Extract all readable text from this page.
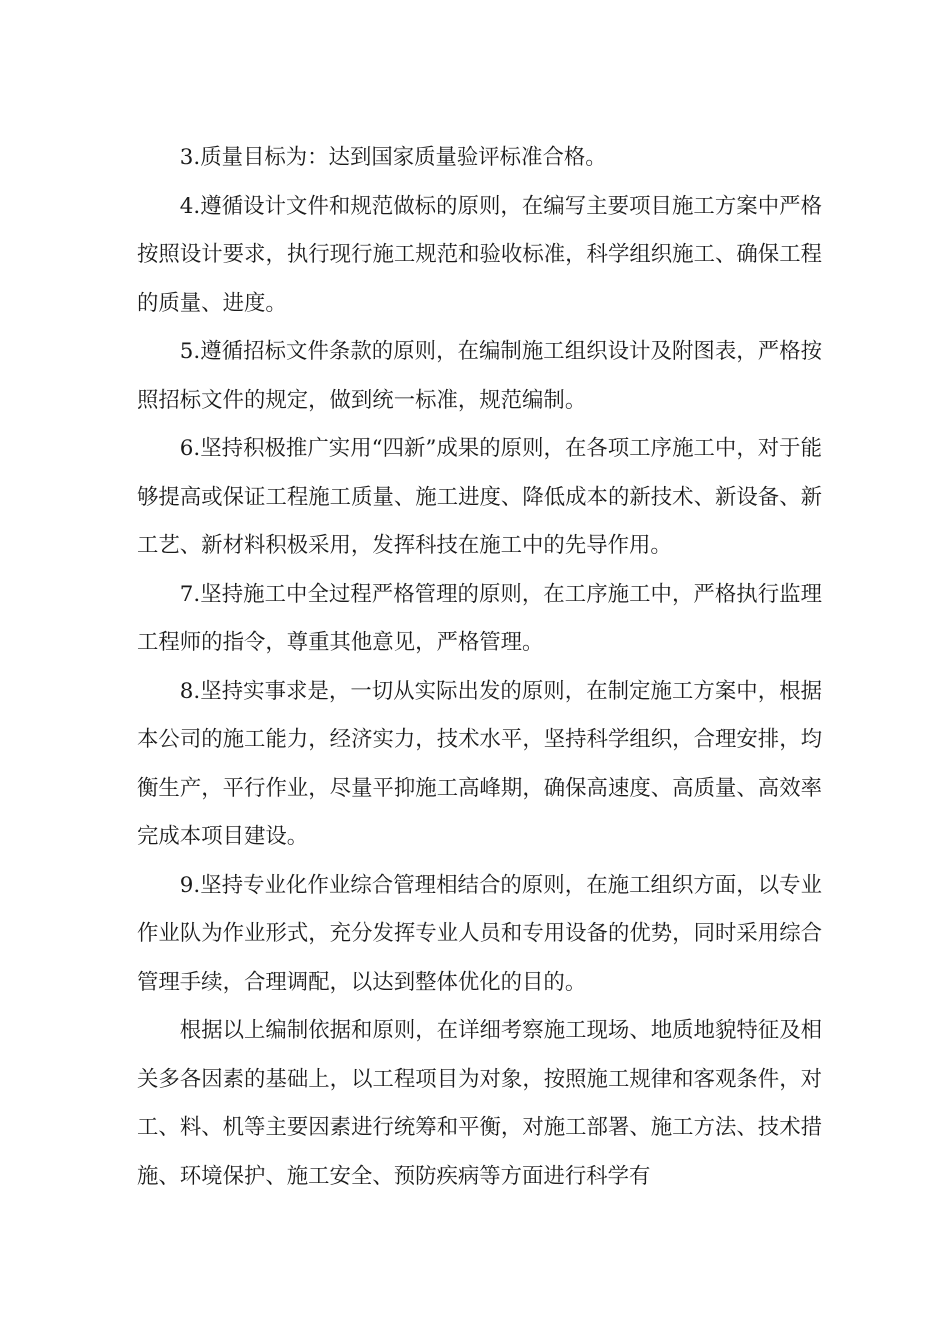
3.质量目标为：达到国家质量验评标准合格。

4.遵循设计文件和规范做标的原则，在编写主要项目施工方案中严格按照设计要求，执行现行施工规范和验收标准，科学组织施工、确保工程的质量、进度。

5.遵循招标文件条款的原则，在编制施工组织设计及附图表，严格按照招标文件的规定，做到统一标准，规范编制。

6.坚持积极推广实用“四新”成果的原则，在各项工序施工中，对于能够提高或保证工程施工质量、施工进度、降低成本的新技术、新设备、新工艺、新材料积极采用，发挥科技在施工中的先导作用。

7.坚持施工中全过程严格管理的原则，在工序施工中，严格执行监理工程师的指令，尊重其他意见，严格管理。

8.坚持实事求是，一切从实际出发的原则，在制定施工方案中，根据本公司的施工能力，经济实力，技术水平，坚持科学组织，合理安排，均衡生产，平行作业，尽量平抑施工高峰期，确保高速度、高质量、高效率完成本项目建设。

9.坚持专业化作业综合管理相结合的原则，在施工组织方面，以专业作业队为作业形式，充分发挥专业人员和专用设备的优势，同时采用综合管理手续，合理调配，以达到整体优化的目的。

根据以上编制依据和原则，在详细考察施工现场、地质地貌特征及相关多各因素的基础上，以工程项目为对象，按照施工规律和客观条件，对工、料、机等主要因素进行统筹和平衡，对施工部署、施工方法、技术措施、环境保护、施工安全、预防疾病等方面进行科学有
